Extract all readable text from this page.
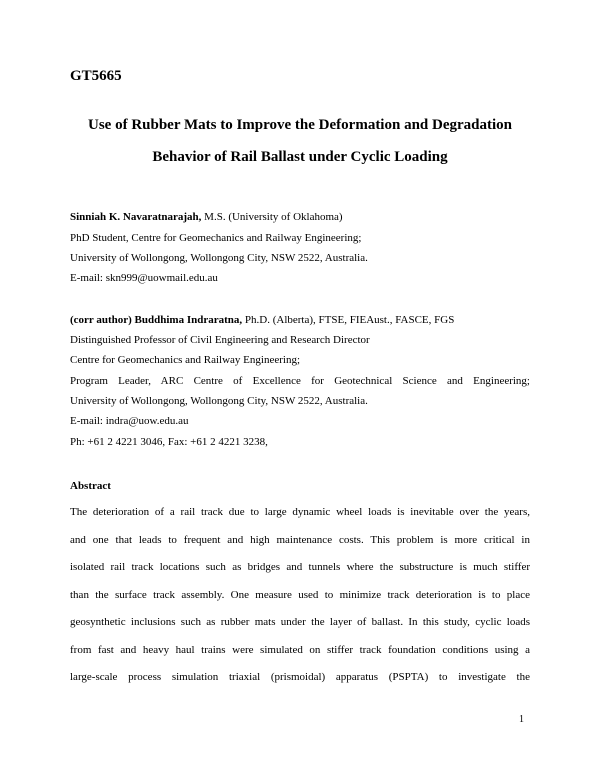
GT5665
Use of Rubber Mats to Improve the Deformation and Degradation
Behavior of Rail Ballast under Cyclic Loading
Sinniah K. Navaratnarajah, M.S. (University of Oklahoma)
PhD Student, Centre for Geomechanics and Railway Engineering;
University of Wollongong, Wollongong City, NSW 2522, Australia.
E-mail: skn999@uowmail.edu.au
(corr author) Buddhima Indraratna, Ph.D. (Alberta), FTSE, FIEAust., FASCE, FGS
Distinguished Professor of Civil Engineering and Research Director
Centre for Geomechanics and Railway Engineering;
Program Leader, ARC Centre of Excellence for Geotechnical Science and Engineering;
University of Wollongong, Wollongong City, NSW 2522, Australia.
E-mail: indra@uow.edu.au
Ph: +61 2 4221 3046, Fax: +61 2 4221 3238,
Abstract
The deterioration of a rail track due to large dynamic wheel loads is inevitable over the years,
and one that leads to frequent and high maintenance costs. This problem is more critical in
isolated rail track locations such as bridges and tunnels where the substructure is much stiffer
than the surface track assembly. One measure used to minimize track deterioration is to place
geosynthetic inclusions such as rubber mats under the layer of ballast. In this study, cyclic loads
from fast and heavy haul trains were simulated on stiffer track foundation conditions using a
large-scale process simulation triaxial (prismoidal) apparatus (PSPTA) to investigate the
1
